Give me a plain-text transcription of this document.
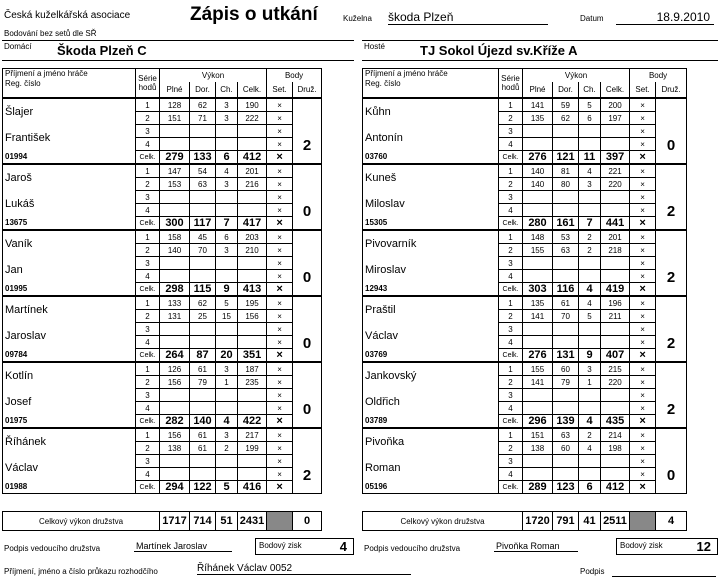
Česká kuželkářská asociace	Zápis o utkání	Kuželna škoda Plzeň	Datum	18.9.2010
Bodování bez setů dle SŘ
Domácí Škoda Plzeň C	Hosté	TJ Sokol Újezd sv.Kříže A
Příjmení a jméno hráče
Reg. číslo	Série
hodů	Výkon				Body	
		Plné	Dor.	Ch.	Celk.	Set.	Druž.
Šlajer	1	128	62	3	190	×	2

	2	151	71	3	222	×	
František	3					×	
	4					×	
01994	Celk.	279	133	6	412	×	
Jaroš	1	147	54	4	201	×	0

	2	153	63	3	216	×	
Lukáš	3					×	
	4					×	
13675	Celk.	300	117	7	417	×	
Vaník	1	158	45	6	203	×	0

	2	140	70	3	210	×	
Jan	3					×	
	4					×	
01995	Celk.	298	115	9	413	×	
Martínek	1	133	62	5	195	×	0

	2	131	25	15	156	×	
Jaroslav	3					×	
	4					×	
09784	Celk.	264	87	20	351	×	
Kotlín	1	126	61	3	187	×	0

	2	156	79	1	235	×	
Josef	3					×	
	4					×	
01975	Celk.	282	140	4	422	×	
Říhánek	1	156	61	3	217	×	2

	2	138	61	2	199	×	
Václav	3					×	
	4					×	
01988	Celk.	294	122	5	416	×	
Příjmení a jméno hráče
Reg. číslo	Série
hodů	Výkon				Body	
		Plné	Dor.	Ch.	Celk.	Set.	Druž.
Kůhn	1	141	59	5	200	×	0

	2	135	62	6	197	×	
Antonín	3					×	
	4					×	
03760	Celk.	276	121	11	397	×	
Kuneš	1	140	81	4	221	×	2

	2	140	80	3	220	×	
Miloslav	3					×	
	4					×	
15305	Celk.	280	161	7	441	×	
Pivovarník	1	148	53	2	201	×	2

	2	155	63	2	218	×	
Miroslav	3					×	
	4					×	
12943	Celk.	303	116	4	419	×	
Praštil	1	135	61	4	196	×	2

	2	141	70	5	211	×	
Václav	3					×	
	4					×	
03769	Celk.	276	131	9	407	×	
Jankovský	1	155	60	3	215	×	2

	2	141	79	1	220	×	
Oldřich	3					×	
	4					×	
03789	Celk.	296	139	4	435	×	
Pivoňka	1	151	63	2	214	×	0

	2	138	60	4	198	×	
Roman	3					×	
	4					×	
05196	Celk.	289	123	6	412	×	
Celkový výkon družstva	1717	714	51	2431		0	Celkový výkon družstva	1720	791	41	2511		4
Podpis vedoucího družstva	Martínek Jaroslav	Bodový zisk	4 Podpis vedoucího družstva	Pivoňka Roman	Bodový zisk	12
Příjmení, jméno a číslo průkazu rozhodčího	Říhánek Václav 0052	Podpis
